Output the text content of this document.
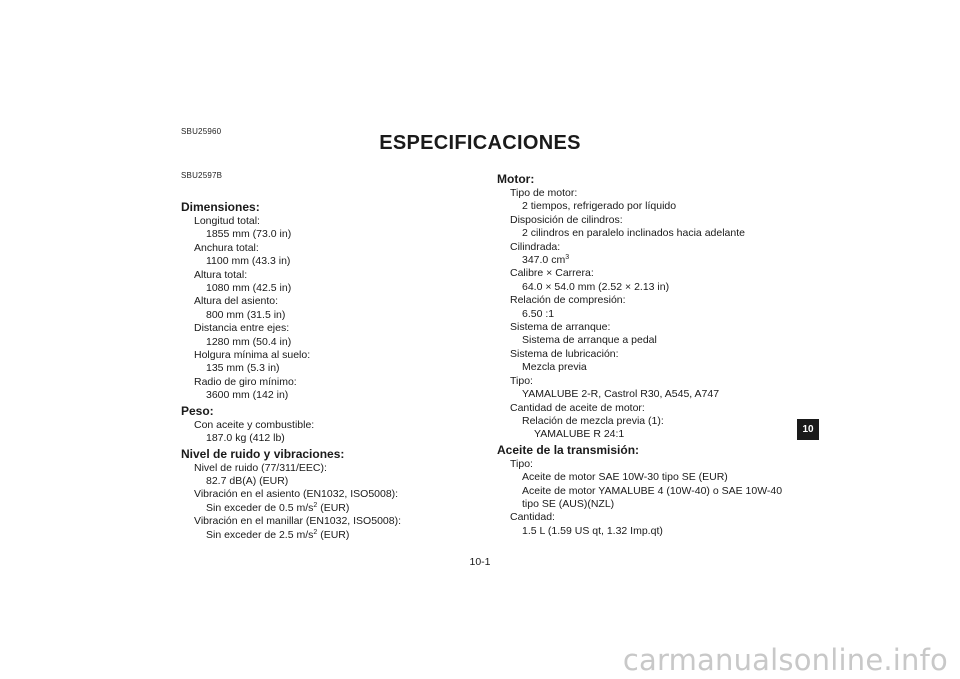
SBU25960
ESPECIFICACIONES
SBU2597B
Dimensiones:
Longitud total:
1855 mm (73.0 in)
Anchura total:
1100 mm (43.3 in)
Altura total:
1080 mm (42.5 in)
Altura del asiento:
800 mm (31.5 in)
Distancia entre ejes:
1280 mm (50.4 in)
Holgura mínima al suelo:
135 mm (5.3 in)
Radio de giro mínimo:
3600 mm (142 in)
Peso:
Con aceite y combustible:
187.0 kg (412 lb)
Nivel de ruido y vibraciones:
Nivel de ruido (77/311/EEC):
82.7 dB(A) (EUR)
Vibración en el asiento (EN1032, ISO5008):
Sin exceder de 0.5 $m/s^2$ (EUR)
Vibración en el manillar (EN1032, ISO5008):
Sin exceder de 2.5 $m/s^2$ (EUR)
Motor:
Tipo de motor:
2 tiempos, refrigerado por líquido
Disposición de cilindros:
2 cilindros en paralelo inclinados hacia adelante
Cilindrada:
347.0 $cm^3$
Calibre × Carrera:
64.0 × 54.0 mm (2.52 × 2.13 in)
Relación de compresión:
6.50 :1
Sistema de arranque:
Sistema de arranque a pedal
Sistema de lubricación:
Mezcla previa
Tipo:
YAMALUBE 2-R, Castrol R30, A545, A747
Cantidad de aceite de motor:
Relación de mezcla previa (1):
YAMALUBE R 24:1
Aceite de la transmisión:
Tipo:
Aceite de motor SAE 10W-30 tipo SE (EUR)
Aceite de motor YAMALUBE 4 (10W-40) o SAE 10W-40
tipo SE (AUS)(NZL)
Cantidad:
1.5 L (1.59 US qt, 1.32 Imp.qt)
10
10-1
carmanualsonline.info
